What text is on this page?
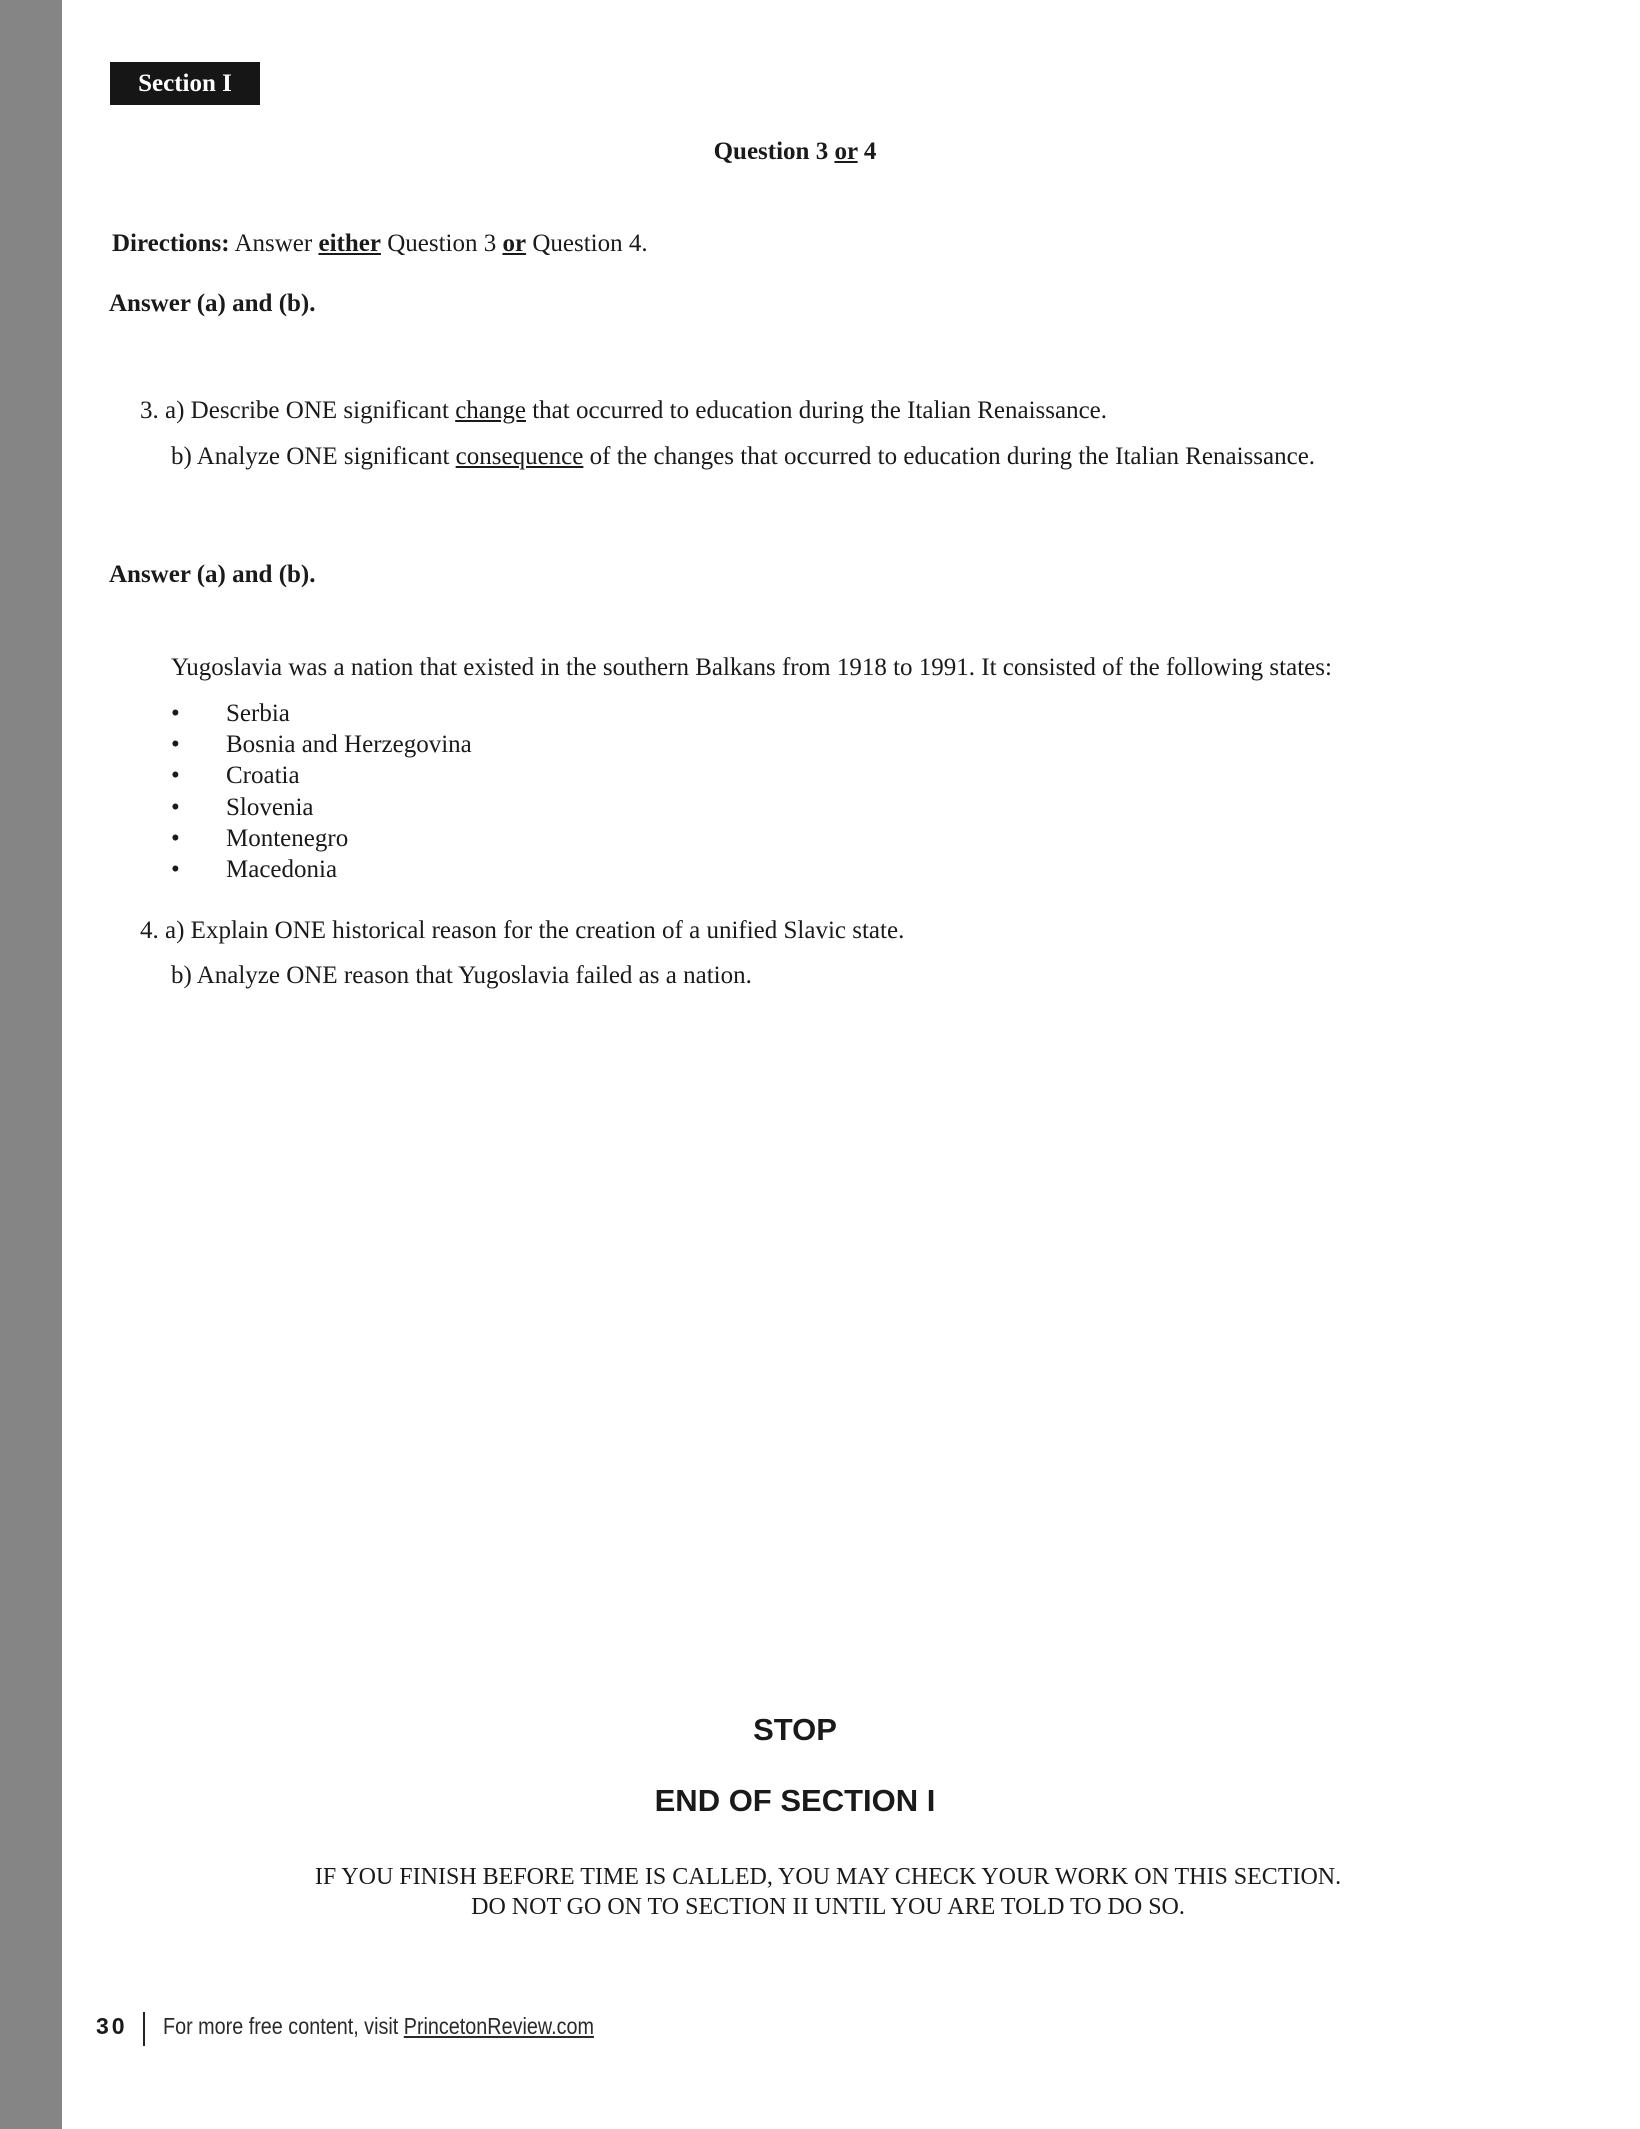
Section I
Question 3 or 4
Directions: Answer either Question 3 or Question 4.
Answer (a) and (b).
3. a) Describe ONE significant change that occurred to education during the Italian Renaissance.
b) Analyze ONE significant consequence of the changes that occurred to education during the Italian Renaissance.
Answer (a) and (b).
Yugoslavia was a nation that existed in the southern Balkans from 1918 to 1991. It consisted of the following states:
• Serbia
• Bosnia and Herzegovina
• Croatia
• Slovenia
• Montenegro
• Macedonia
4. a) Explain ONE historical reason for the creation of a unified Slavic state.
b) Analyze ONE reason that Yugoslavia failed as a nation.
STOP
END OF SECTION I
IF YOU FINISH BEFORE TIME IS CALLED, YOU MAY CHECK YOUR WORK ON THIS SECTION.
DO NOT GO ON TO SECTION II UNTIL YOU ARE TOLD TO DO SO.
30 For more free content, visit PrincetonReview.com
